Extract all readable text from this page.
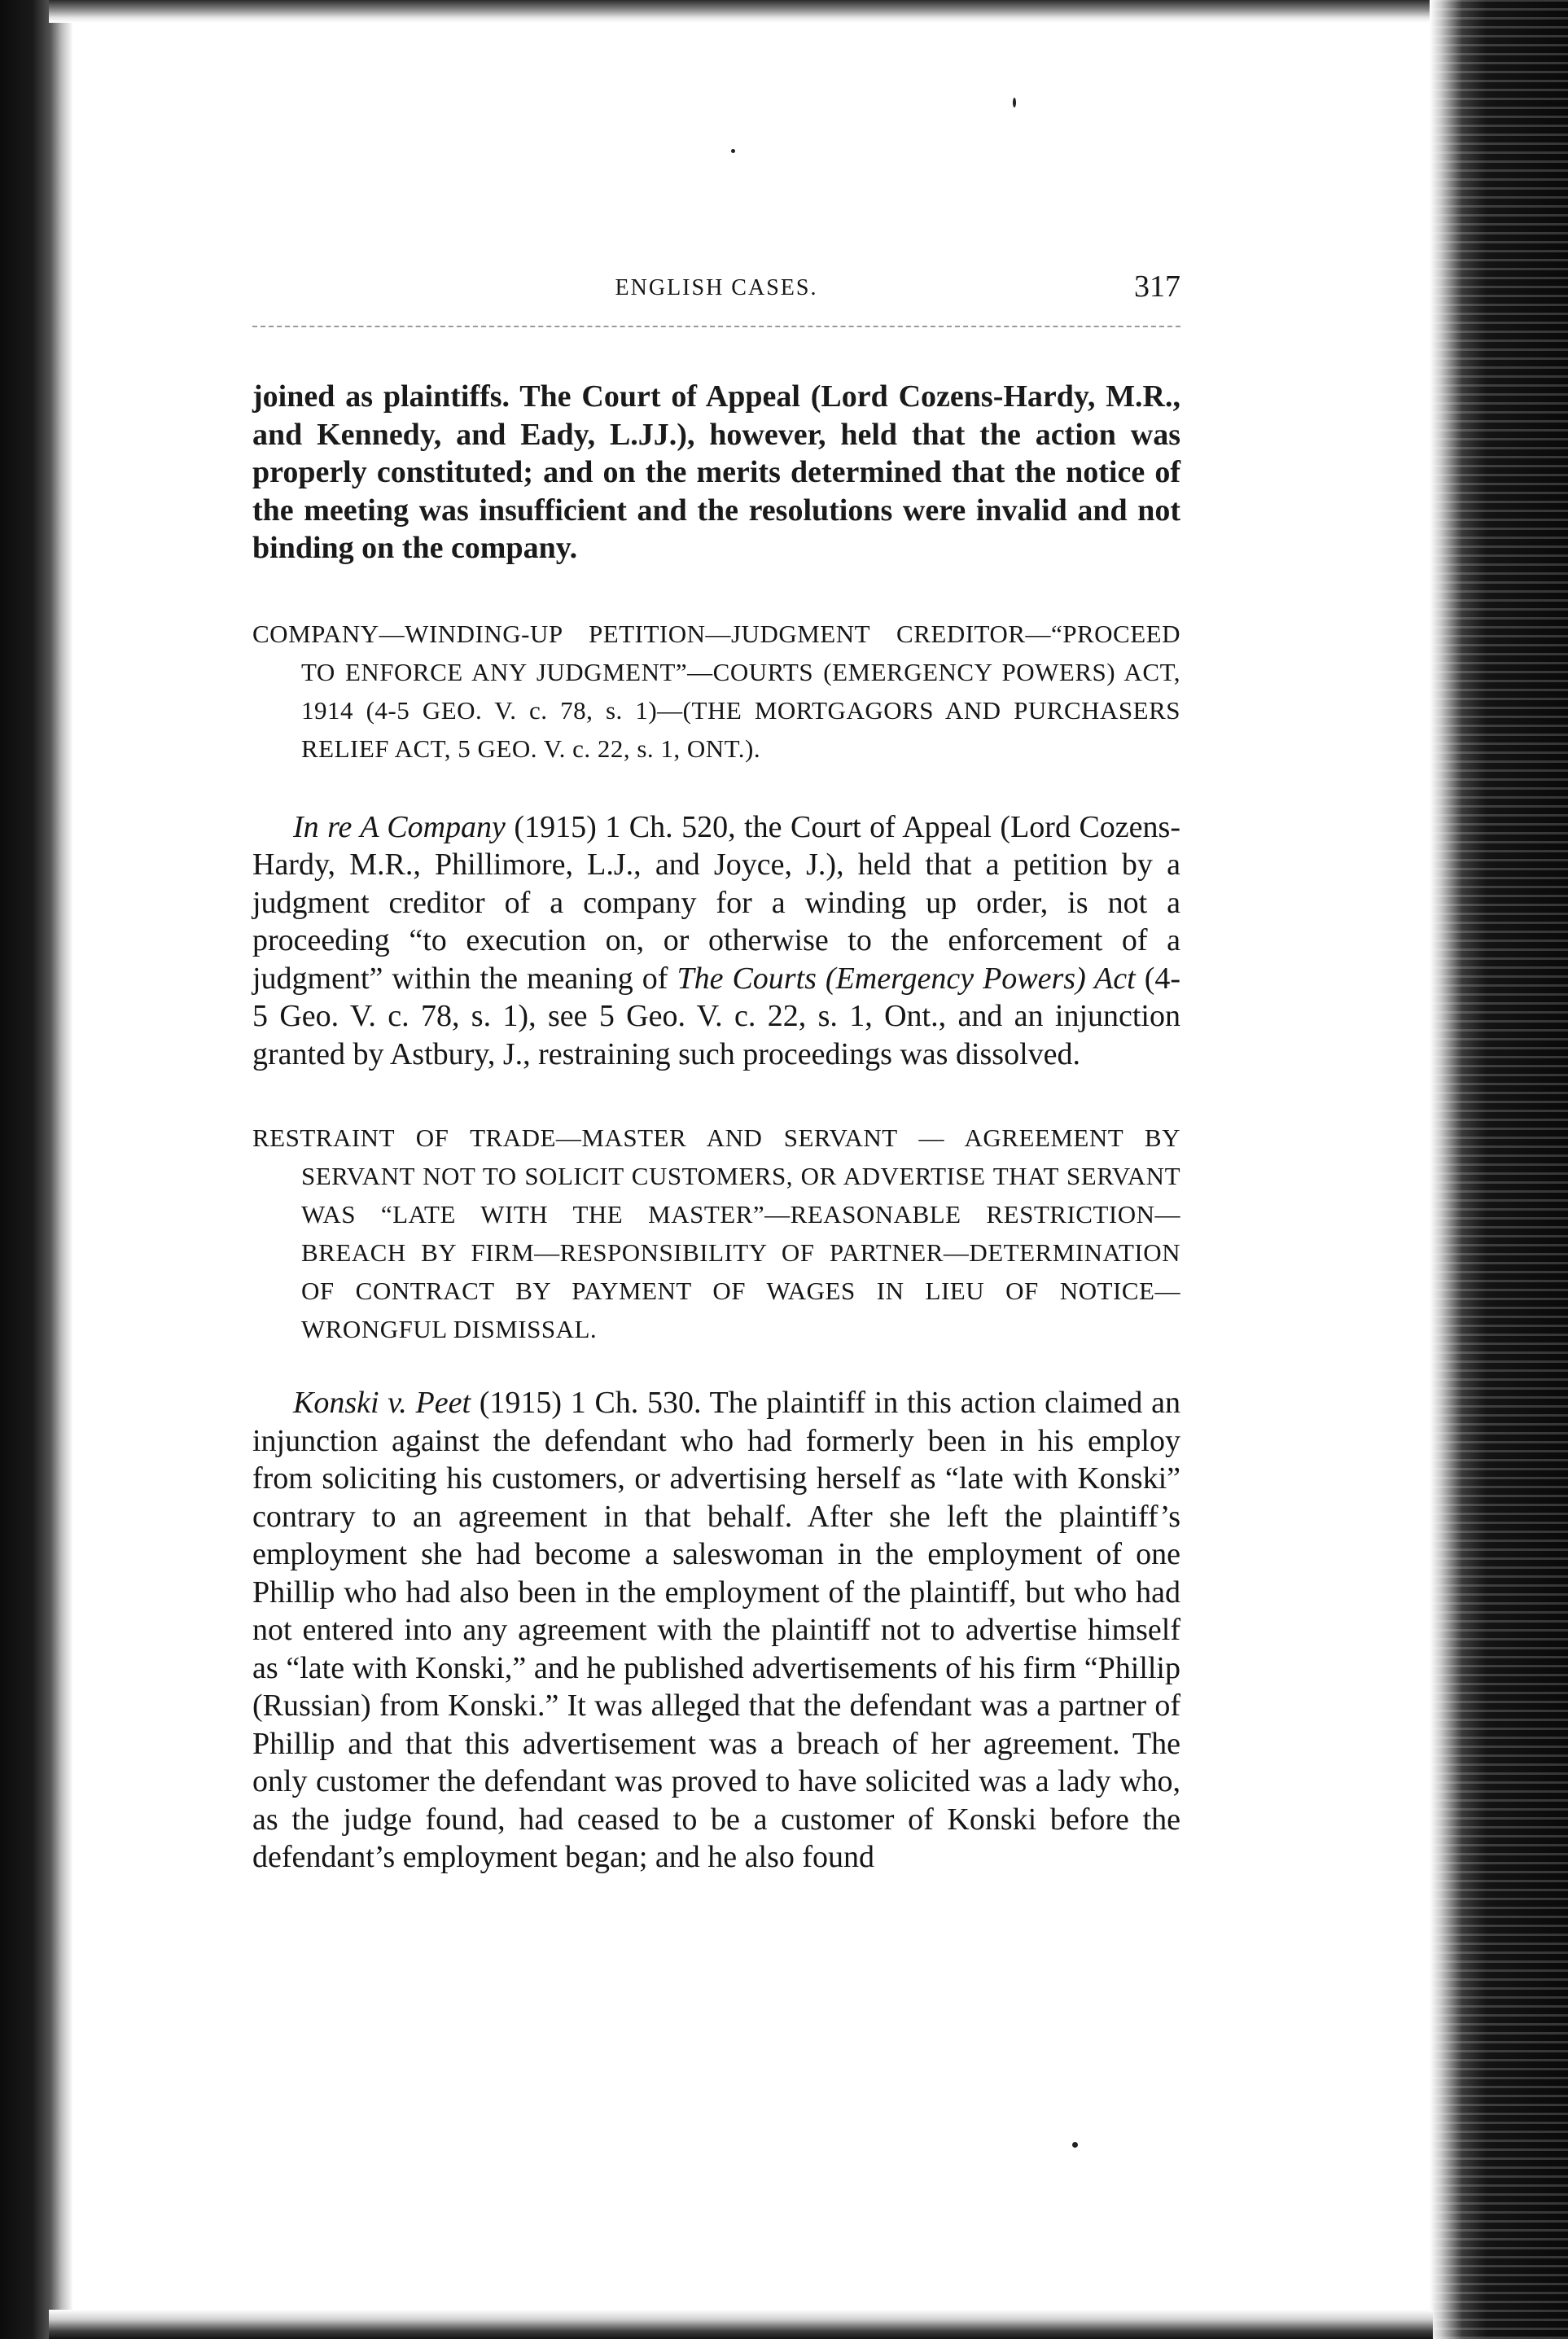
ENGLISH CASES.	317

joined as plaintiffs. The Court of Appeal (Lord Cozens-Hardy, M.R., and Kennedy, and Eady, L.JJ.), however, held that the action was properly constituted; and on the merits determined that the notice of the meeting was insufficient and the resolutions were invalid and not binding on the company.

COMPANY—WINDING-UP PETITION—JUDGMENT CREDITOR—“PROCEED TO ENFORCE ANY JUDGMENT”—COURTS (EMERGENCY POWERS) ACT, 1914 (4-5 GEO. V. c. 78, s. 1)—(THE MORTGAGORS AND PURCHASERS RELIEF ACT, 5 GEO. V. c. 22, s. 1, ONT.).

In re A Company (1915) 1 Ch. 520, the Court of Appeal (Lord Cozens-Hardy, M.R., Phillimore, L.J., and Joyce, J.), held that a petition by a judgment creditor of a company for a winding up order, is not a proceeding “to execution on, or otherwise to the enforcement of a judgment” within the meaning of The Courts (Emergency Powers) Act (4-5 Geo. V. c. 78, s. 1), see 5 Geo. V. c. 22, s. 1, Ont., and an injunction granted by Astbury, J., restraining such proceedings was dissolved.

RESTRAINT OF TRADE—MASTER AND SERVANT — AGREEMENT BY SERVANT NOT TO SOLICIT CUSTOMERS, OR ADVERTISE THAT SERVANT WAS “LATE WITH THE MASTER”—REASONABLE RESTRICTION—BREACH BY FIRM—RESPONSIBILITY OF PARTNER—DETERMINATION OF CONTRACT BY PAYMENT OF WAGES IN LIEU OF NOTICE—WRONGFUL DISMISSAL.

Konski v. Peet (1915) 1 Ch. 530. The plaintiff in this action claimed an injunction against the defendant who had formerly been in his employ from soliciting his customers, or advertising herself as “late with Konski” contrary to an agreement in that behalf. After she left the plaintiff’s employment she had become a saleswoman in the employment of one Phillip who had also been in the employment of the plaintiff, but who had not entered into any agreement with the plaintiff not to advertise himself as “late with Konski,” and he published advertisements of his firm “Phillip (Russian) from Konski.” It was alleged that the defendant was a partner of Phillip and that this advertisement was a breach of her agreement. The only customer the defendant was proved to have solicited was a lady who, as the judge found, had ceased to be a customer of Konski before the defendant’s employment began; and he also found
